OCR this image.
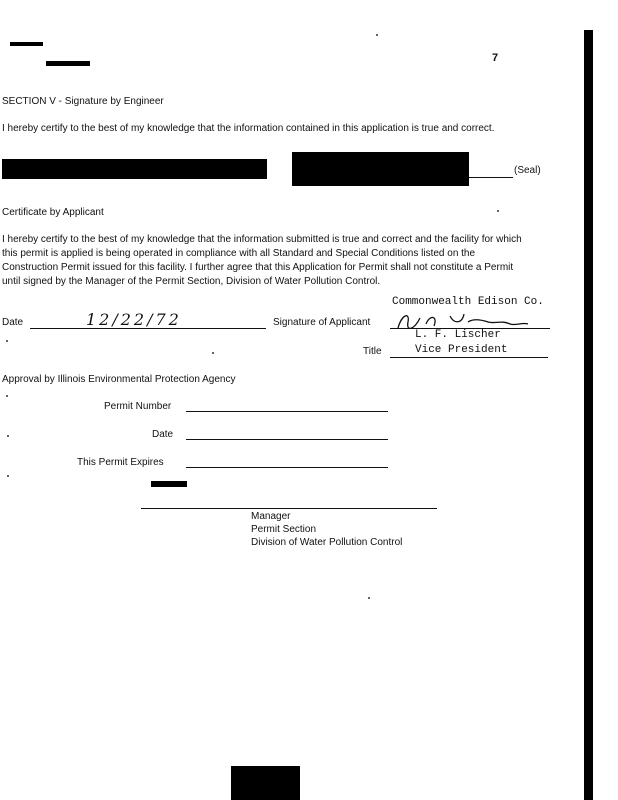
7
SECTION V - Signature by Engineer
I hereby certify to the best of my knowledge that the information contained in this application is true and correct.
(Seal)
Certificate by Applicant
I hereby certify to the best of my knowledge that the information submitted is true and correct and the facility for which this permit is applied is being operated in compliance with all Standard and Special Conditions listed on the Construction Permit issued for this facility. I further agree that this Application for Permit shall not constitute a Permit until signed by the Manager of the Permit Section, Division of Water Pollution Control.
Commonwealth Edison Co.
Date	12/22/72	Signature of Applicant
L. F. Lischer
Title	Vice President
Approval by Illinois Environmental Protection Agency
Permit Number
Date
This Permit Expires
Manager
Permit Section
Division of Water Pollution Control
